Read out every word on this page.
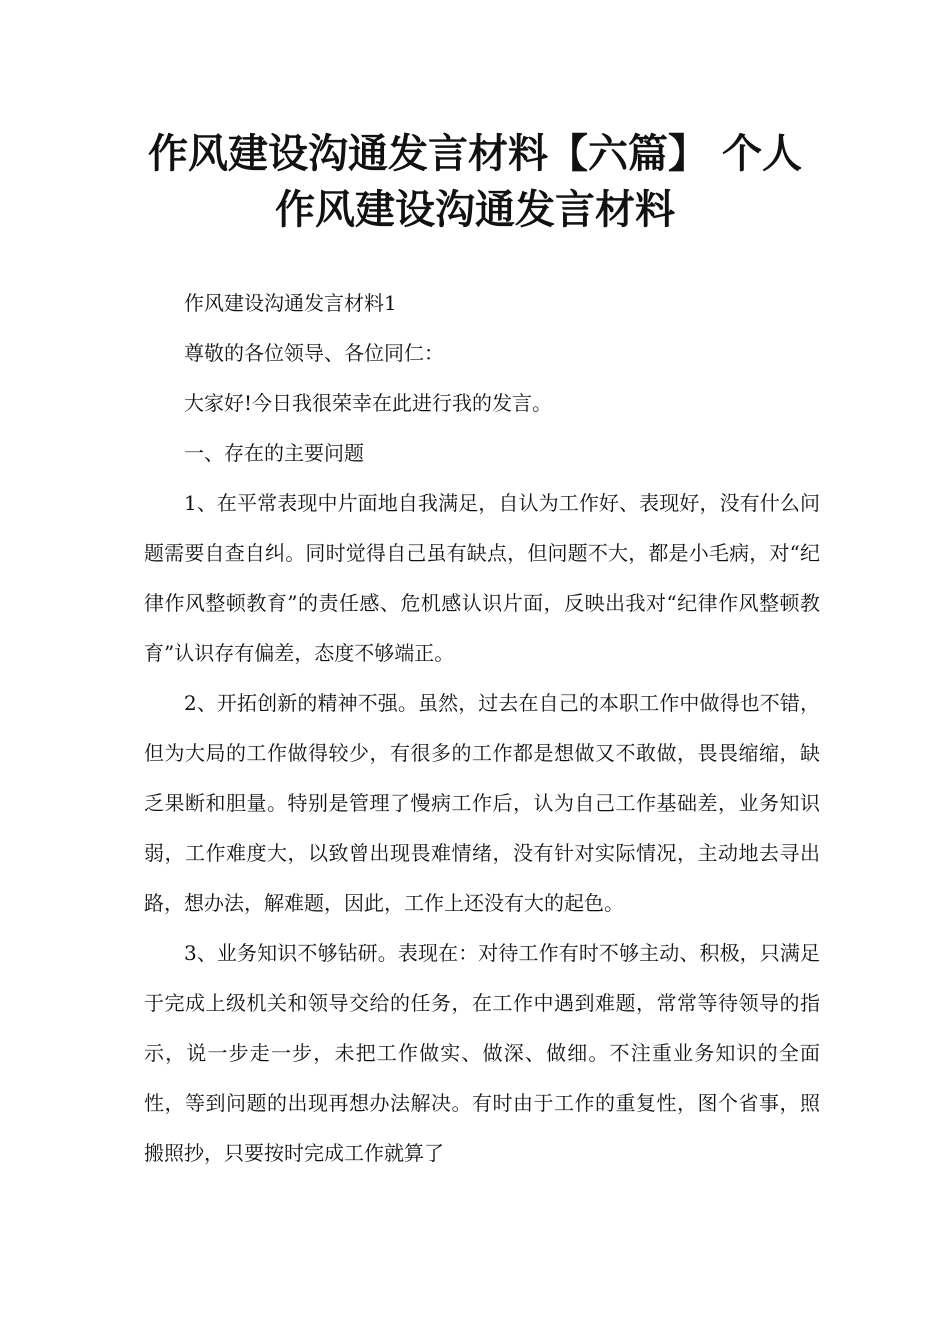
作风建设沟通发言材料【六篇】 个人
作风建设沟通发言材料

作风建设沟通发言材料1

尊敬的各位领导、各位同仁：

大家好!今日我很荣幸在此进行我的发言。

一、存在的主要问题

1、在平常表现中片面地自我满足，自认为工作好、表现好，没有什么问题需要自查自纠。同时觉得自己虽有缺点，但问题不大，都是小毛病，对“纪律作风整顿教育”的责任感、危机感认识片面，反映出我对“纪律作风整顿教育”认识存有偏差，态度不够端正。

2、开拓创新的精神不强。虽然，过去在自己的本职工作中做得也不错，但为大局的工作做得较少，有很多的工作都是想做又不敢做，畏畏缩缩，缺乏果断和胆量。特别是管理了慢病工作后，认为自己工作基础差，业务知识弱，工作难度大，以致曾出现畏难情绪，没有针对实际情况，主动地去寻出路，想办法，解难题，因此，工作上还没有大的起色。

3、业务知识不够钻研。表现在：对待工作有时不够主动、积极，只满足于完成上级机关和领导交给的任务，在工作中遇到难题，常常等待领导的指示，说一步走一步，未把工作做实、做深、做细。不注重业务知识的全面性，等到问题的出现再想办法解决。有时由于工作的重复性，图个省事，照搬照抄，只要按时完成工作就算了
